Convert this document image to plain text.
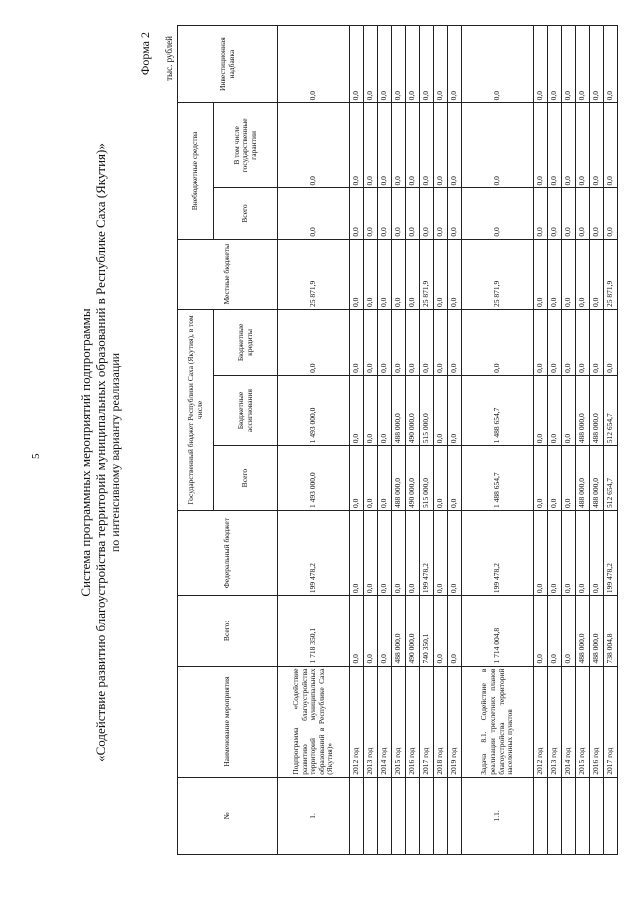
5	Система программных мероприятий подпрограммы «Содействие развитию благоустройства территорий муниципальных образований в Республике Саха (Якутия)» по интенсивному варианту реализации
Форма 2 тыс. рублей
№	Наименование мероприятия	Всего:	Федеральный бюджет	Государственный бюджет Республики Саха (Якутия), в том числе			Местные бюджеты	Внебюджетные средства		Инвестиционная надбавка
				Всего	Бюджетные ассигнования	Бюджетные кредиты		Всего	В том числе государственные гарантии	
1.	Подпрограмма «Содействие развитию благоустройства территорий муниципальных образований в Республике Саха (Якутия)»	1 718 350,1	199 478,2	1 493 000,0	1 493 000,0	0,0	25 871,9	0,0	0,0	0,0
	2012 год	0,0	0,0	0,0	0,0	0,0	0,0	0,0	0,0	0,0
	2013 год	0,0	0,0	0,0	0,0	0,0	0,0	0,0	0,0	0,0
	2014 год	0,0	0,0	0,0	0,0	0,0	0,0	0,0	0,0	0,0
	2015 год	488 000,0	0,0	488 000,0	488 000,0	0,0	0,0	0,0	0,0	0,0
	2016 год	490 000,0	0,0	490 000,0	490 000,0	0,0	0,0	0,0	0,0	0,0
	2017 год	740 350,1	199 478,2	515 000,0	515 000,0	0,0	25 871,9	0,0	0,0	0,0
	2018 год	0,0	0,0	0,0	0,0	0,0	0,0	0,0	0,0	0,0
	2019 год	0,0	0,0	0,0	0,0	0,0	0,0	0,0	0,0	0,0
1.1.	Задача 8.1. Содействие в реализации трехлетних планов благоустройства территорий населенных пунктов	1 714 004,8	199 478,2	1 488 654,7	1 488 654,7	0,0	25 871,9	0,0	0,0	0,0
	2012 год	0,0	0,0	0,0	0,0	0,0	0,0	0,0	0,0	0,0
	2013 год	0,0	0,0	0,0	0,0	0,0	0,0	0,0	0,0	0,0
	2014 год	0,0	0,0	0,0	0,0	0,0	0,0	0,0	0,0	0,0
	2015 год	488 000,0	0,0	488 000,0	488 000,0	0,0	0,0	0,0	0,0	0,0
	2016 год	488 000,0	0,0	488 000,0	488 000,0	0,0	0,0	0,0	0,0	0,0
	2017 год	738 004,8	199 478,2	512 654,7	512 654,7	0,0	25 871,9	0,0	0,0	0,0
